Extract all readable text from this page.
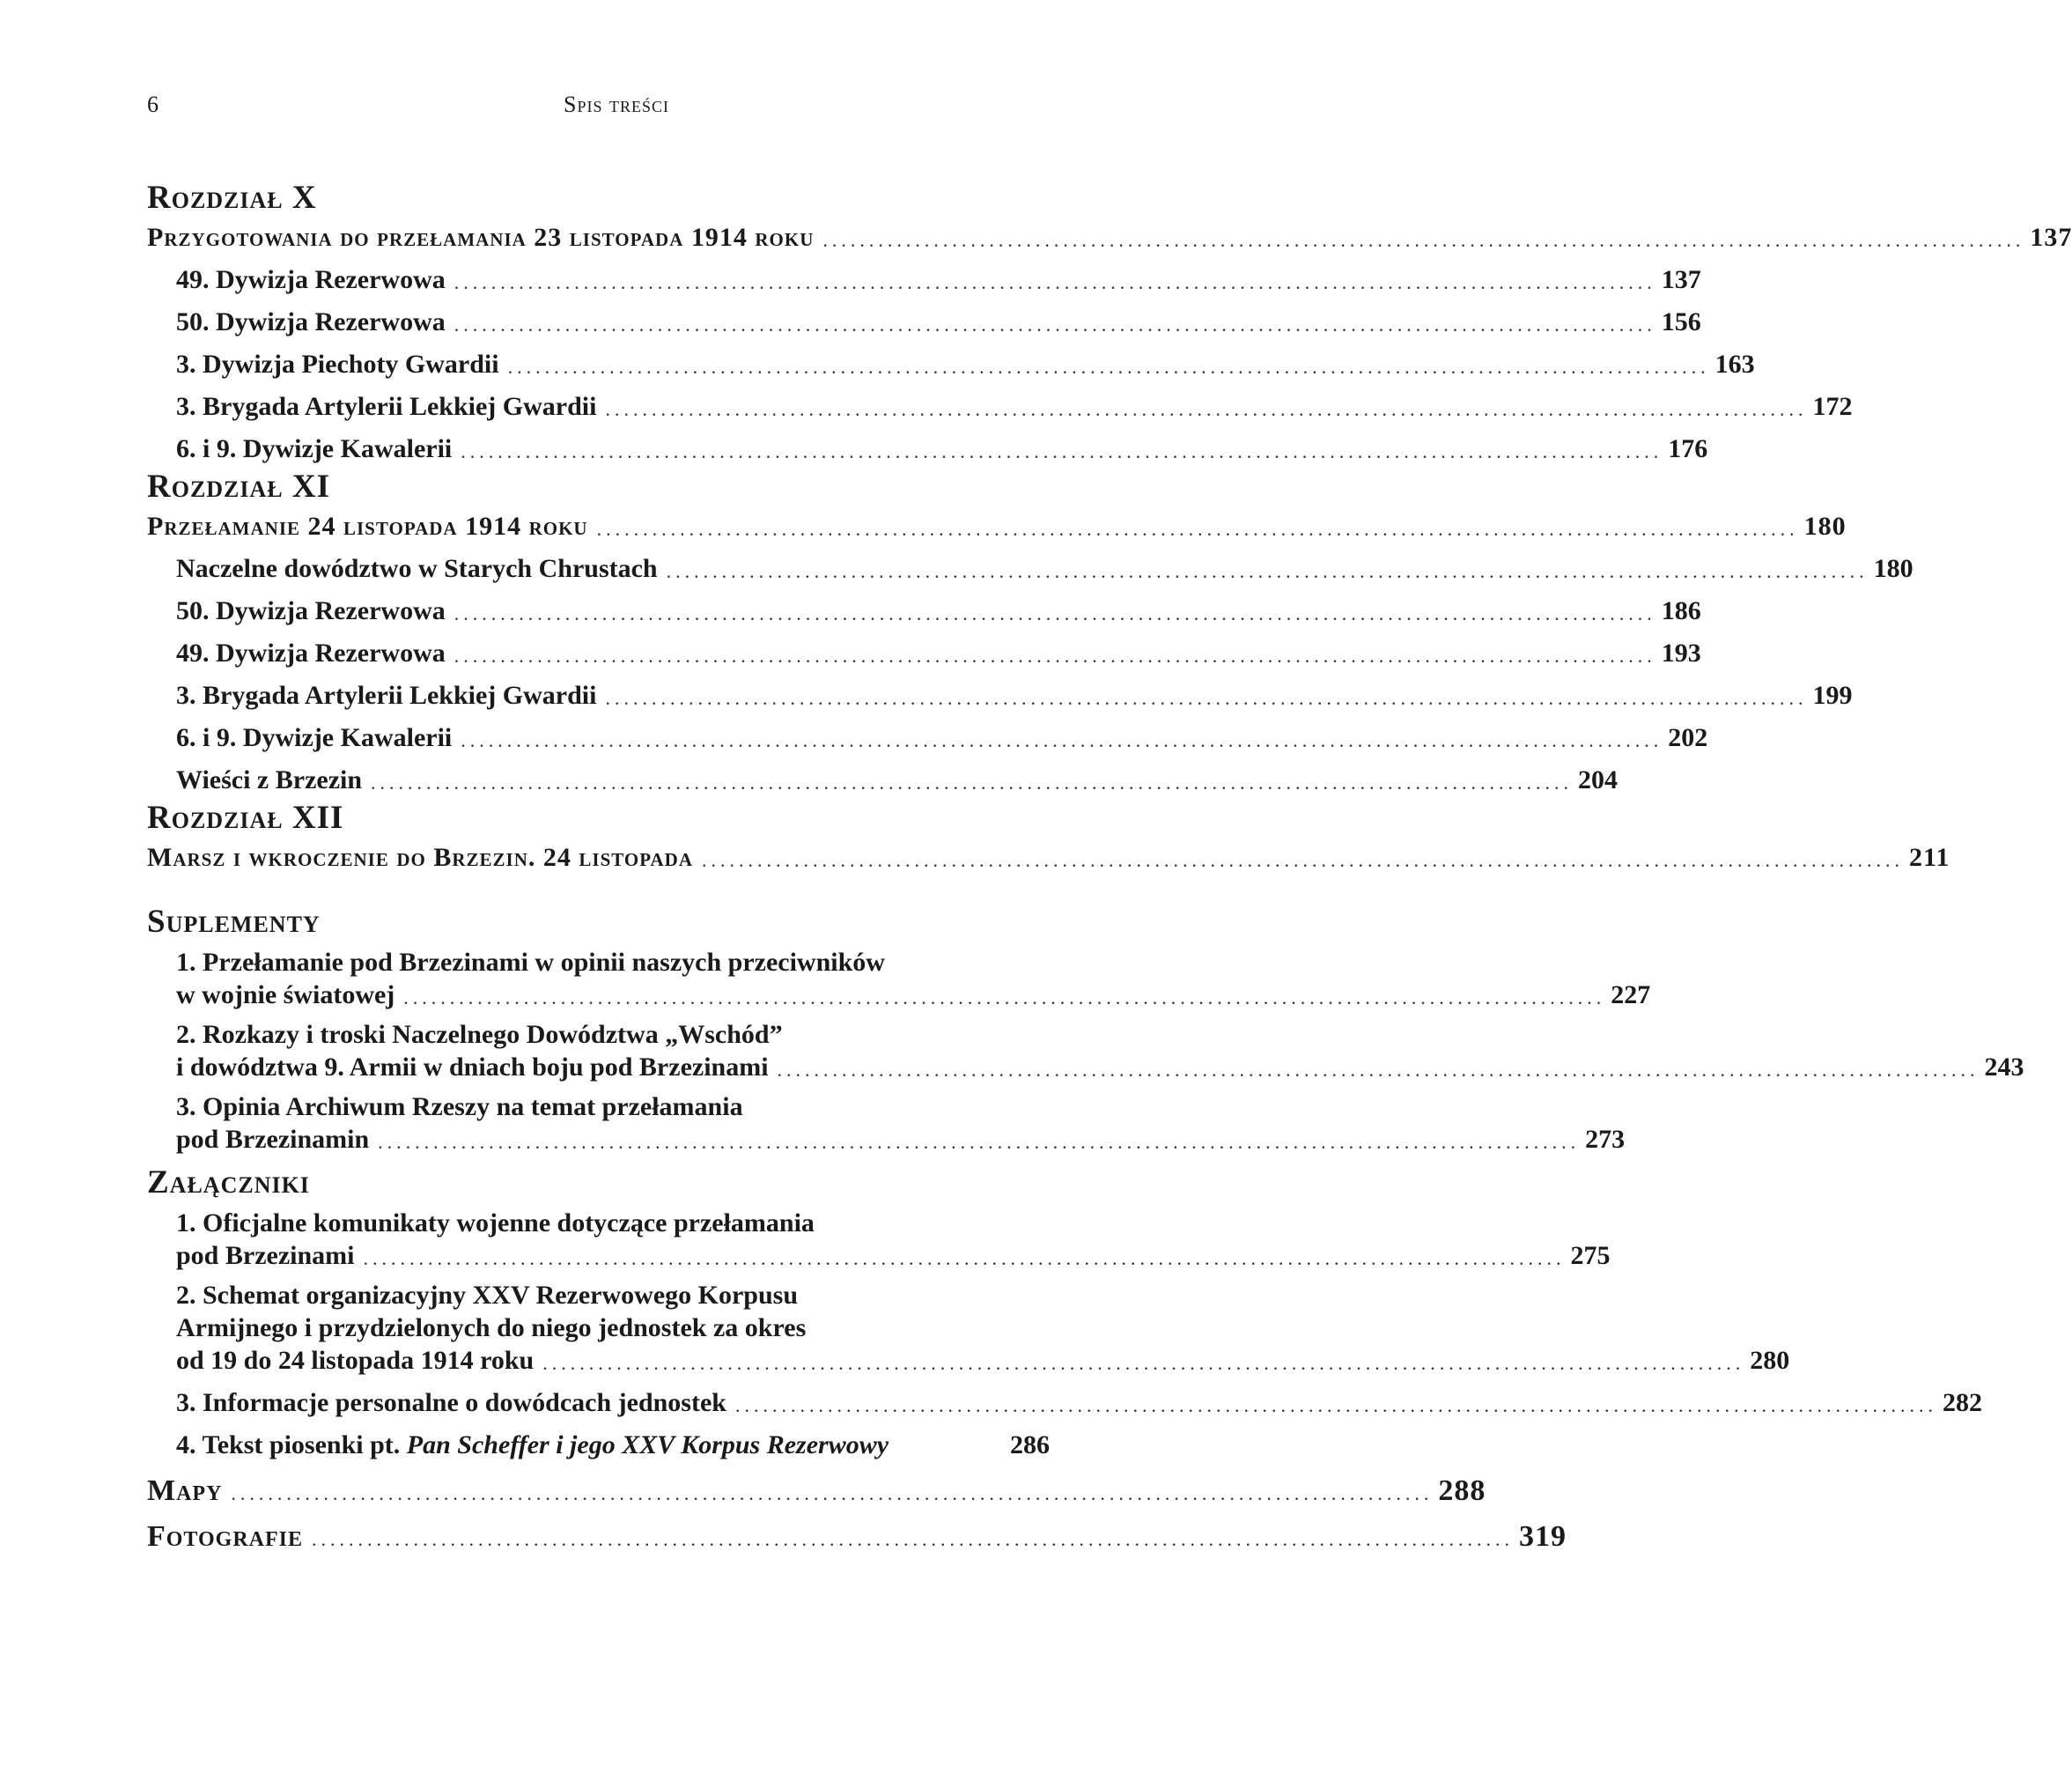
6	Spis treści
Rozdział X
Przygotowania do przełamania 23 listopada 1914 roku .................................................................................................................................. 137
49. Dywizja Rezerwowa .................................................................................................................................. 137
50. Dywizja Rezerwowa .................................................................................................................................. 156
3. Dywizja Piechoty Gwardii .................................................................................................................................. 163
3. Brygada Artylerii Lekkiej Gwardii .................................................................................................................................. 172
6. i 9. Dywizje Kawalerii .................................................................................................................................. 176
Rozdział XI
Przełamanie 24 listopada 1914 roku .................................................................................................................................. 180
Naczelne dowództwo w Starych Chrustach .................................................................................................................................. 180
50. Dywizja Rezerwowa .................................................................................................................................. 186
49. Dywizja Rezerwowa .................................................................................................................................. 193
3. Brygada Artylerii Lekkiej Gwardii .................................................................................................................................. 199
6. i 9. Dywizje Kawalerii .................................................................................................................................. 202
Wieści z Brzezin .................................................................................................................................. 204
Rozdział XII
Marsz i wkroczenie do Brzezin. 24 listopada .................................................................................................................................. 211
Suplementy
1. Przełamanie pod Brzezinami w opinii naszych przeciwników
w wojnie światowej .................................................................................................................................. 227
2. Rozkazy i troski Naczelnego Dowództwa „Wschód”
i dowództwa 9. Armii w dniach boju pod Brzezinami .................................................................................................................................. 243
3. Opinia Archiwum Rzeszy na temat przełamania
pod Brzezinamin .................................................................................................................................. 273
Załączniki
1. Oficjalne komunikaty wojenne dotyczące przełamania
pod Brzezinami .................................................................................................................................. 275
2. Schemat organizacyjny XXV Rezerwowego Korpusu
Armijnego i przydzielonych do niego jednostek za okres
od 19 do 24 listopada 1914 roku .................................................................................................................................. 280
3. Informacje personalne o dowódcach jednostek .................................................................................................................................. 282
4. Tekst piosenki pt. Pan Scheffer i jego XXV Korpus Rezerwowy	286
Mapy .................................................................................................................................. 288
Fotografie .................................................................................................................................. 319
